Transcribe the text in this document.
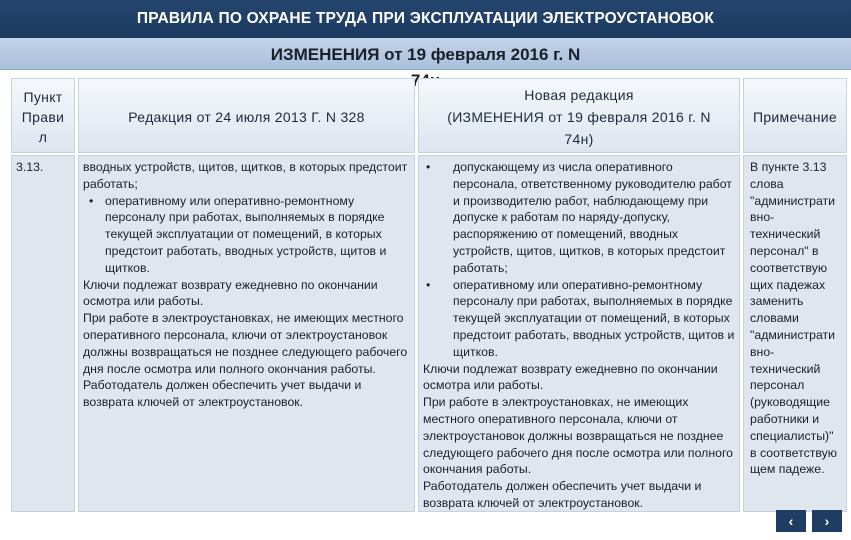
ПРАВИЛА ПО ОХРАНЕ ТРУДА ПРИ ЭКСПЛУАТАЦИИ ЭЛЕКТРОУСТАНОВОК
ИЗМЕНЕНИЯ от 19 февраля 2016 г. N
Пункт
Прави
л
3.13.
Редакция от 24 июля 2013 Г. N 328
вводных устройств, щитов, щитков, в которых предстоит работать;
• оперативному или оперативно-ремонтному
персоналу при работах, выполняемых в порядке текущей эксплуатации от помещений, в которых предстоит работать, вводных устройств, щитов и щитков.
Ключи подлежат возврату ежедневно по окончании осмотра или работы.
При работе в электроустановках, не имеющих местного оперативного персонала, ключи от электроустановок должны возвращаться не позднее следующего рабочего дня после осмотра или полного окончания работы.
Работодатель должен обеспечить учет выдачи и возврата ключей от электроустановок.
Новая редакция
(ИЗМЕНЕНИЯ от 19 февраля 2016 г. N
74н)
• допускающему из числа оперативного
персонала, ответственному руководителю работ и производителю работ, наблюдающему при допуске к работам по наряду-допуску, распоряжению от помещений, вводных устройств, щитов, щитков, в которых предстоит работать;
• оперативному или оперативно-ремонтному
персоналу при работах, выполняемых в порядке текущей эксплуатации от помещений, в которых предстоит работать, вводных устройств, щитов и щитков.
Ключи подлежат возврату ежедневно по окончании осмотра или работы.
При работе в электроустановках, не имеющих местного оперативного персонала, ключи от электроустановок должны возвращаться не позднее следующего рабочего дня после осмотра или полного окончания работы.
Работодатель должен обеспечить учет выдачи и возврата ключей от электроустановок.
Примечание
В пункте 3.13 слова "администрати вно-технический персонал" в соответствую щих падежах заменить словами "администрати вно-технический персонал (руководящие работники и специалисты)" в соответствую щем падеже.
‹ ›
